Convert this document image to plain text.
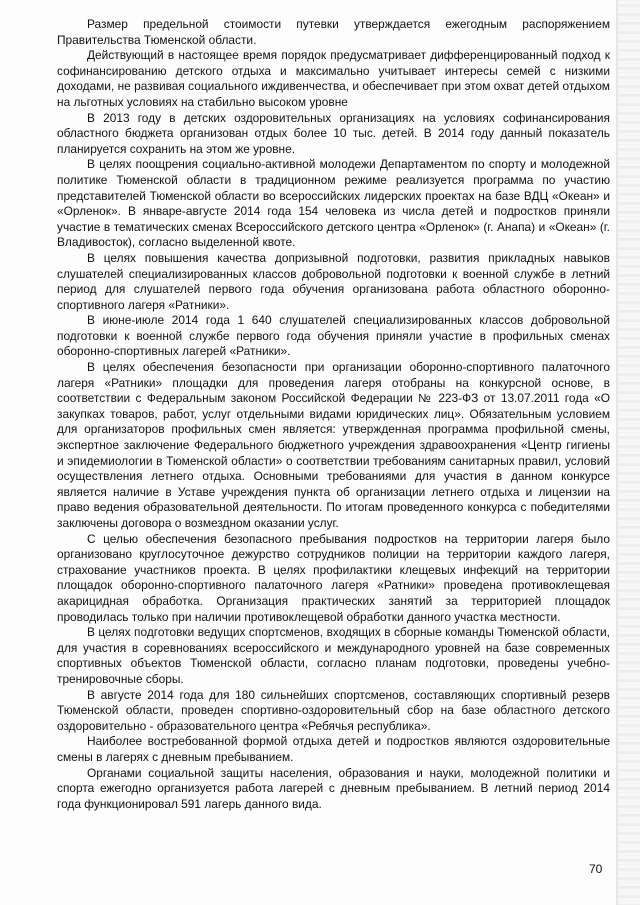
Размер предельной стоимости путевки утверждается ежегодным распоряжением Правительства Тюменской области.

Действующий в настоящее время порядок предусматривает дифференцированный подход к софинансированию детского отдыха и максимально учитывает интересы семей с низкими доходами, не развивая социального иждивенчества, и обеспечивает при этом охват детей отдыхом на льготных условиях на стабильно высоком уровне

В 2013 году в детских оздоровительных организациях на условиях софинансирования областного бюджета организован отдых более 10 тыс. детей. В 2014 году данный показатель планируется сохранить на этом же уровне.

В целях поощрения социально-активной молодежи Департаментом по спорту и молодежной политике Тюменской области в традиционном режиме реализуется программа по участию представителей Тюменской области во всероссийских лидерских проектах на базе ВДЦ «Океан» и «Орленок». В январе-августе 2014 года 154 человека из числа детей и подростков приняли участие в тематических сменах Всероссийского детского центра «Орленок» (г. Анапа) и «Океан» (г. Владивосток), согласно выделенной квоте.

В целях повышения качества допризывной подготовки, развития прикладных навыков слушателей специализированных классов добровольной подготовки к военной службе в летний период для слушателей первого года обучения организована работа областного оборонно-спортивного лагеря «Ратники».

В июне-июле 2014 года 1 640 слушателей специализированных классов добровольной подготовки к военной службе первого года обучения приняли участие в профильных сменах оборонно-спортивных лагерей «Ратники».

В целях обеспечения безопасности при организации оборонно-спортивного палаточного лагеря «Ратники» площадки для проведения лагеря отобраны на конкурсной основе, в соответствии с Федеральным законом Российской Федерации № 223-ФЗ от 13.07.2011 года «О закупках товаров, работ, услуг отдельными видами юридических лиц». Обязательным условием для организаторов профильных смен является: утвержденная программа профильной смены, экспертное заключение Федерального бюджетного учреждения здравоохранения «Центр гигиены и эпидемиологии в Тюменской области» о соответствии требованиям санитарных правил, условий осуществления летнего отдыха. Основными требованиями для участия в данном конкурсе является наличие в Уставе учреждения пункта об организации летнего отдыха и лицензии на право ведения образовательной деятельности. По итогам проведенного конкурса с победителями заключены договора о возмездном оказании услуг.

С целью обеспечения безопасного пребывания подростков на территории лагеря было организовано круглосуточное дежурство сотрудников полиции на территории каждого лагеря, страхование участников проекта. В целях профилактики клещевых инфекций на территории площадок оборонно-спортивного палаточного лагеря «Ратники» проведена противоклещевая акарицидная обработка. Организация практических занятий за территорией площадок проводилась только при наличии противоклещевой обработки данного участка местности.

В целях подготовки ведущих спортсменов, входящих в сборные команды Тюменской области, для участия в соревнованиях всероссийского и международного уровней на базе современных спортивных объектов Тюменской области, согласно планам подготовки, проведены учебно-тренировочные сборы.

В августе 2014 года для 180 сильнейших спортсменов, составляющих спортивный резерв Тюменской области, проведен спортивно-оздоровительный сбор на базе областного детского оздоровительно - образовательного центра «Ребячья республика».

Наиболее востребованной формой отдыха детей и подростков являются оздоровительные смены в лагерях с дневным пребыванием.

Органами социальной защиты населения, образования и науки, молодежной политики и спорта ежегодно организуется работа лагерей с дневным пребыванием. В летний период 2014 года функционировал 591 лагерь данного вида.

70
